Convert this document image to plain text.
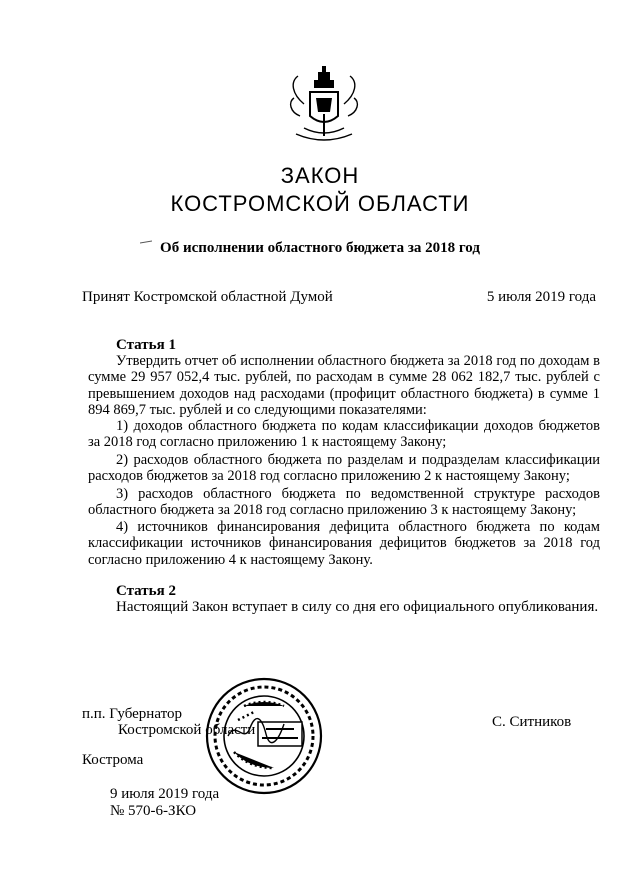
ЗАКОН
КОСТРОМСКОЙ ОБЛАСТИ
Об исполнении областного бюджета за 2018 год
Принят Костромской областной Думой	5 июля 2019 года
Статья 1
Утвердить отчет об исполнении областного бюджета за 2018 год по доходам в сумме 29 957 052,4 тыс. рублей, по расходам в сумме 28 062 182,7 тыс. рублей с превышением доходов над расходами (профицит областного бюджета) в сумме 1 894 869,7 тыс. рублей и со следующими показателями:
1) доходов областного бюджета по кодам классификации доходов бюджетов за 2018 год согласно приложению 1 к настоящему Закону;
2) расходов областного бюджета по разделам и подразделам классификации расходов бюджетов за 2018 год согласно приложению 2 к настоящему Закону;
3) расходов областного бюджета по ведомственной структуре расходов областного бюджета за 2018 год согласно приложению 3 к настоящему Закону;
4) источников финансирования дефицита областного бюджета по кодам классификации источников финансирования дефицитов бюджетов за 2018 год согласно приложению 4 к настоящему Закону.
Статья 2
Настоящий Закон вступает в силу со дня его официального опубликования.
п.п. Губернатор
Костромской области	С. Ситников
Кострома
9 июля 2019 года
№ 570-6-ЗКО
